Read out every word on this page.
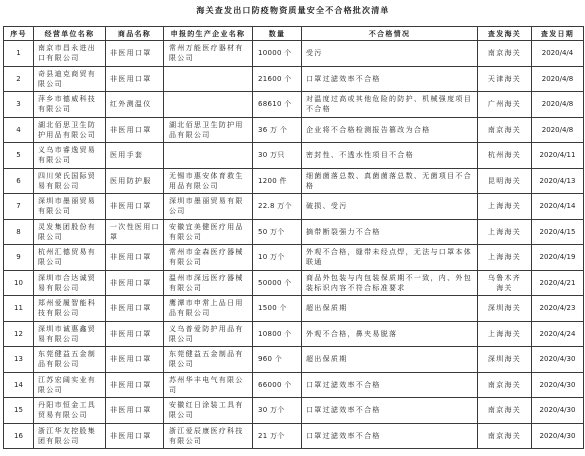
海关查发出口防疫物资质量安全不合格批次清单
序号	经营单位名称	商品名称	申报的生产企业名称	数量	不合格情况	查发海关	查发日期
1	南京市昌永进出口有限公司	非医用口罩	常州万能医疗器材有限公司	10000 个	受污	南京海关	2020/4/4
2	奇县迪克商贸有限公司	非医用口罩		21600 个	口罩过滤效率不合格	天津海关	2020/4/8
3	萍乡市德威科技有限公司	红外测温仪		68610 个	对温度过高或其他危险的防护、机械强度项目不合格	广州海关	2020/4/8
4	湖北佰思卫生防护用品有限公司	非医用口罩	湖北佰思卫生防护用品有限公司	36 万 个	企业将不合格检测报告篡改为合格	南京海关	2020/4/8
5	义乌市睿逸贸易有限公司	医用手套		30 万只	密封性、不透水性项目不合格	杭州海关	2020/4/11
6	四川荣氏国际贸易有限公司	医用防护服	无锡市惠安体育救生用品有限公司	1200 件	细菌菌落总数、真菌菌落总数、无菌项目不合格	昆明海关	2020/4/13
7	深圳市墨丽贸易有限公司	非医用口罩	深圳市墨丽贸易有限公司	22.8 万个	破损、受污	上海海关	2020/4/14
8	灵发集团股份有限公司	一次性医用口罩	安徽宜美健医疗用品有限公司	50 万个	摘带断裂强力不合格	上海海关	2020/4/15
9	杭州汇德贸易有限公司	非医用口罩	常州市金森医疗器械有限公司	10 万个	外观不合格，缝带未经点焊，无法与口罩本体联通	上海海关	2020/4/19
10	深圳市合达诚贸易有限公司	非医用口罩	温州市深远医疗器械有限公司	50000 个	商品外包装与内包装保质期不一致，内、外包装标识内容不符合标准要求	乌鲁木齐海关	2020/4/21
11	郑州爱履智能科技有限公司	非医用口罩	鹰潭市申常上品日用品有限公司	1500 个	超出保质期	深圳海关	2020/4/23
12	深圳市诚惠鑫贸易有限公司	非医用口罩	义乌普爱防护用品有限公司	10800 个	外观不合格，鼻夹易脱落	上海海关	2020/4/24
13	东莞健益五金制品有限公司	非医用口罩	东莞健益五金制品有限公司	960 个	超出保质期	深圳海关	2020/4/30
14	江苏宏阔实业有限公司	非医用口罩	苏州华丰电气有限公司	66000 个	口罩过滤效率不合格	南京海关	2020/4/30
15	丹阳市恒金工具贸易有限公司	非医用口罩	安徽红日涂装工具有限公司	30 万个	口罩过滤效率不合格	南京海关	2020/4/30
16	浙江华友控股集团有限公司	非医用口罩	浙江爱辰康医疗科技有限公司	21 万个	口罩过滤效率不合格	南京海关	2020/4/30
